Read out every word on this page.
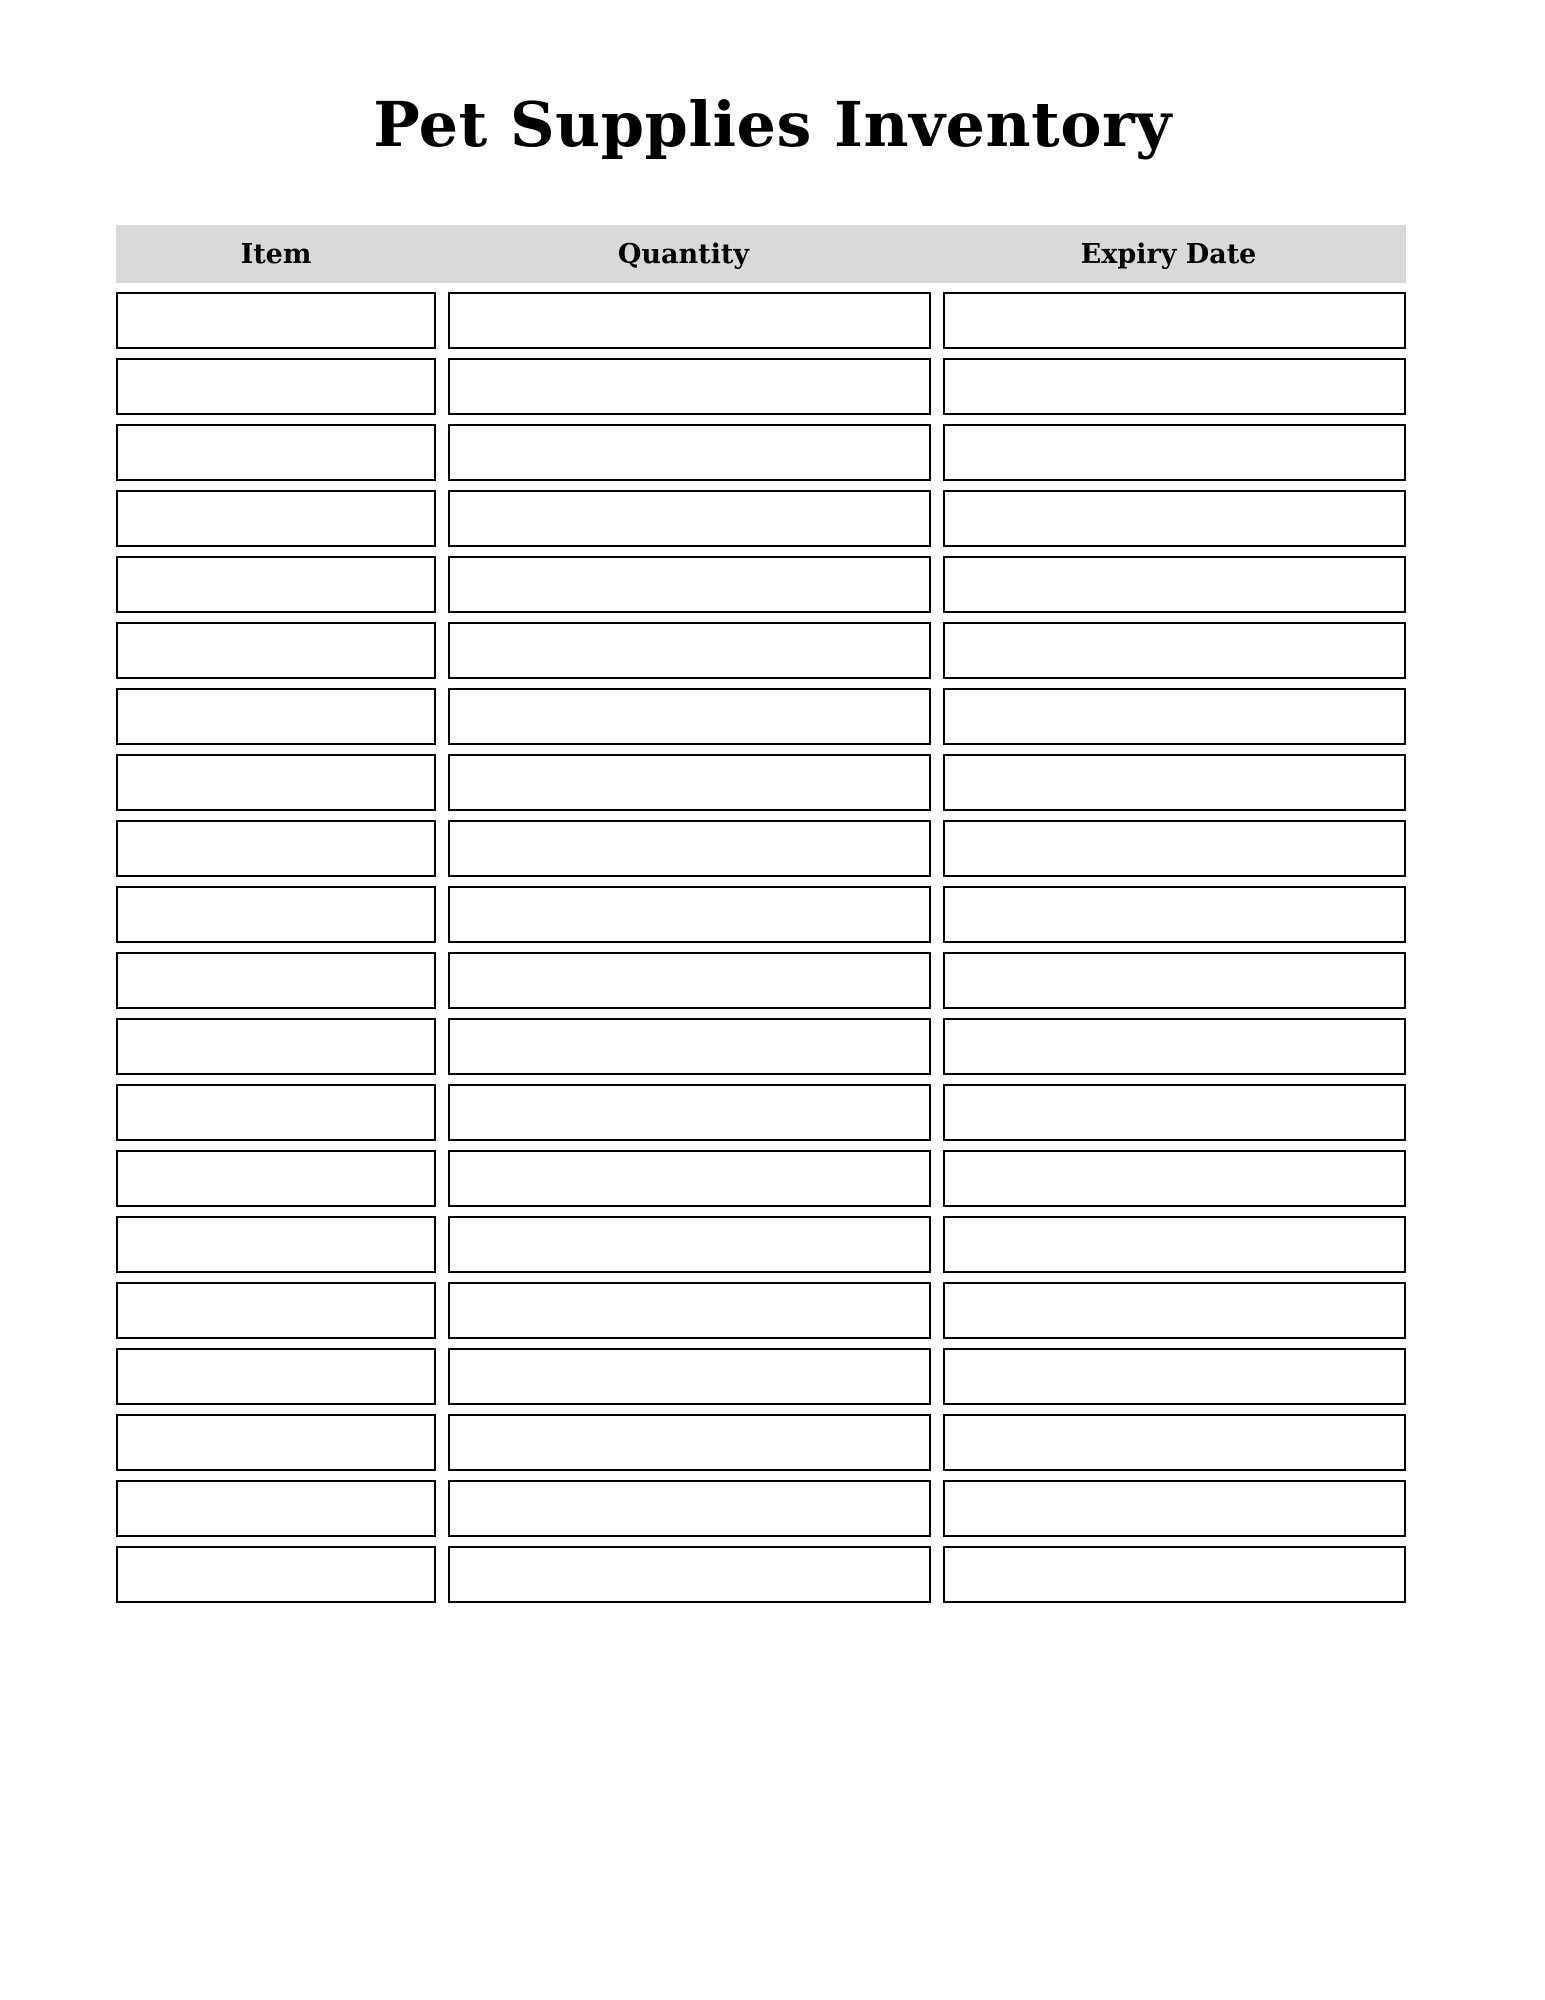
Pet Supplies Inventory
Item	Quantity	Expiry Date
